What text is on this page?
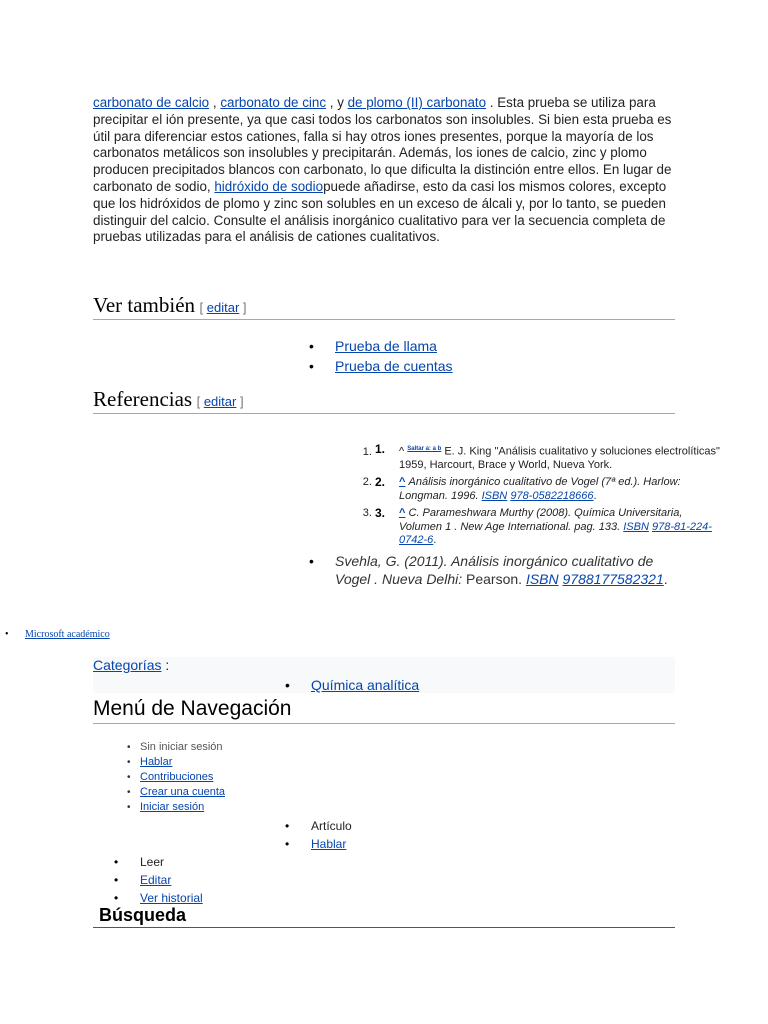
carbonato de calcio , carbonato de cinc , y de plomo (II) carbonato . Esta prueba se utiliza para precipitar el ión presente, ya que casi todos los carbonatos son insolubles. Si bien esta prueba es útil para diferenciar estos cationes, falla si hay otros iones presentes, porque la mayoría de los carbonatos metálicos son insolubles y precipitarán. Además, los iones de calcio, zinc y plomo producen precipitados blancos con carbonato, lo que dificulta la distinción entre ellos. En lugar de carbonato de sodio, hidróxido de sodiopuede añadirse, esto da casi los mismos colores, excepto que los hidróxidos de plomo y zinc son solubles en un exceso de álcali y, por lo tanto, se pueden distinguir del calcio. Consulte el análisis inorgánico cualitativo para ver la secuencia completa de pruebas utilizadas para el análisis de cationes cualitativos.
Ver también [ editar ]
• Prueba de llama
• Prueba de cuentas
Referencias [ editar ]
1. 1. ^ $^{Saltar a: a b}$ E. J. King "Análisis cualitativo y soluciones electrolíticas" 1959, Harcourt, Brace y World, Nueva York.
2. 2. ^ Análisis inorgánico cualitativo de Vogel (7ª ed.). Harlow: Longman. 1996. ISBN 978-0582218666.
3. 3. ^ C. Parameshwara Murthy (2008). Química Universitaria, Volumen 1 . New Age International. pag. 133. ISBN 978-81-224-0742-6.
• Svehla, G. (2011). Análisis inorgánico cualitativo de Vogel . Nueva Delhi: Pearson. ISBN 9788177582321.
• Microsoft académico
Categorías :
• Química analítica
Menú de Navegación
• Sin iniciar sesión
• Hablar
• Contribuciones
• Crear una cuenta
• Iniciar sesión
• Artículo
• Hablar
• Leer
• Editar
• Ver historial
Búsqueda
